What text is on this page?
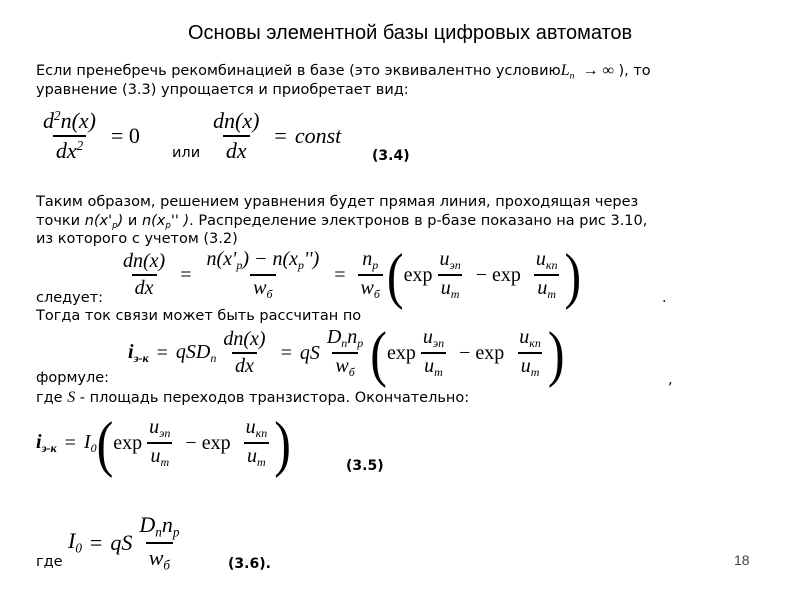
Основы элементной базы цифровых автоматов
Если пренебречь рекомбинацией в базе (это эквивалентно условиюL$_n$  → ∞ ), то
уравнение (3.3) упрощается и приобретает вид:
$\frac{d^2n(x)}{dx^2} = 0$
или $\frac{dn(x)}{dx}$ = const
(3.4)
Таким образом, решением уравнения будет прямая линия, проходящая через
точки $n(x'_p)$ и $n(x_p''$ ). Распределение электронов в р-базе показано на рис 3.10,
из которого с учетом (3.2)
$\frac{dn(x)}{dx} = \frac{n(x'_p) - n(x_p'')}{w_б} = \frac{n_p}{w_б}$ ( $\exp \frac{u_{эп}}{u_m} - \exp \frac{u_{кп}}{u_m}$ )
следует:	.
Тогда ток связи может быть рассчитан по
$i_{э-к} = qSD_n \frac{dn(x)}{dx}$ = qS $\frac{D_nn_p}{w_б}$ ( $\exp \frac{u_{эп}}{u_m} - \exp \frac{u_{кп}}{u_m}$ )
формуле:	,
где S - площадь переходов транзистора. Окончательно:
$i_{э-к} = I_0$ ( $\exp \frac{u_{эп}}{u_m} - \exp \frac{u_{кп}}{u_m}$ )	(3.5)
$I_0$ = qS $\frac{D_nn_p}{w_б}$
где	(3.6).	18
